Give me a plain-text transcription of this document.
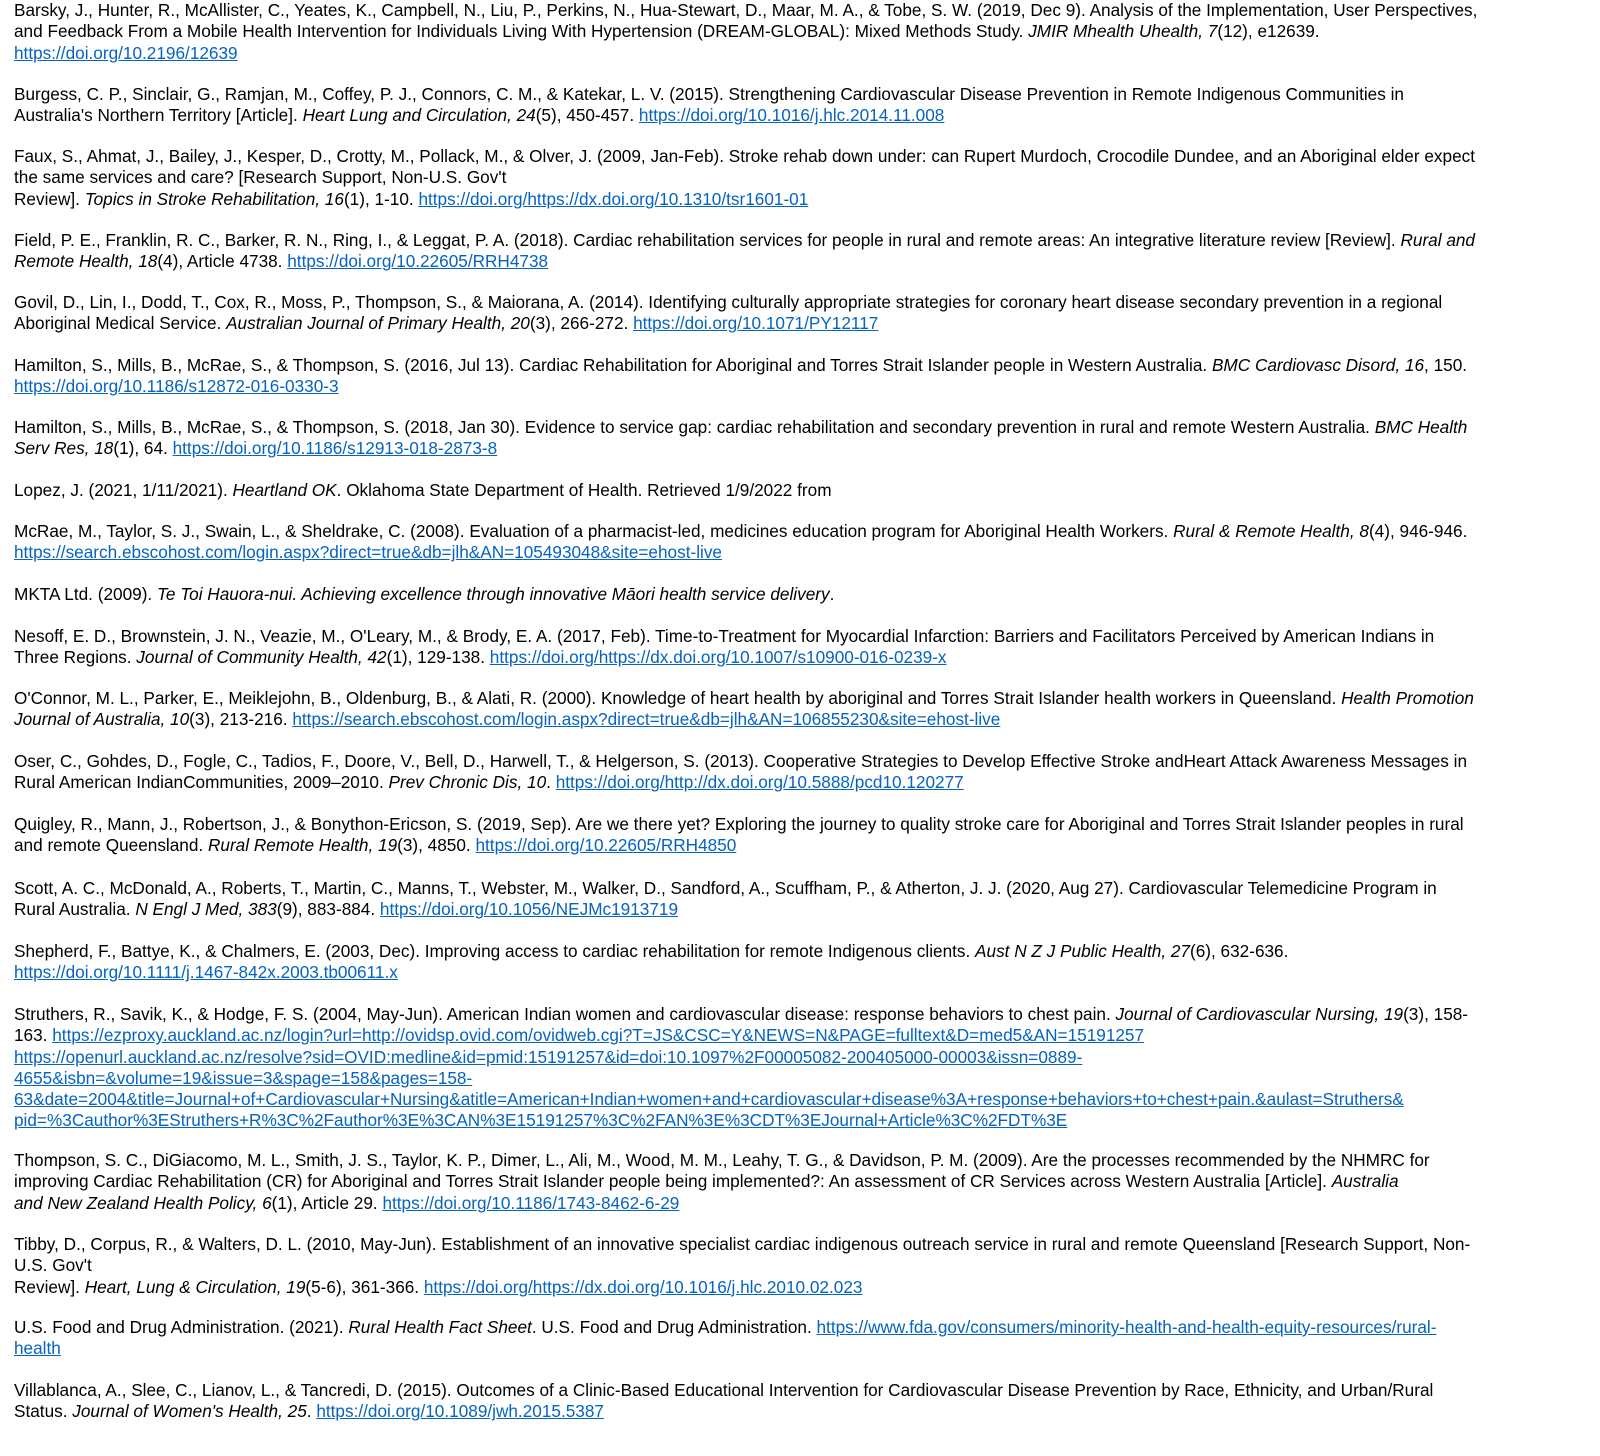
Barsky, J., Hunter, R., McAllister, C., Yeates, K., Campbell, N., Liu, P., Perkins, N., Hua-Stewart, D., Maar, M. A., & Tobe, S. W. (2019, Dec 9). Analysis of the Implementation, User Perspectives,
and Feedback From a Mobile Health Intervention for Individuals Living With Hypertension (DREAM-GLOBAL): Mixed Methods Study. JMIR Mhealth Uhealth, 7(12), e12639.
https://doi.org/10.2196/12639
Burgess, C. P., Sinclair, G., Ramjan, M., Coffey, P. J., Connors, C. M., & Katekar, L. V. (2015). Strengthening Cardiovascular Disease Prevention in Remote Indigenous Communities in
Australia's Northern Territory [Article]. Heart Lung and Circulation, 24(5), 450-457. https://doi.org/10.1016/j.hlc.2014.11.008
Faux, S., Ahmat, J., Bailey, J., Kesper, D., Crotty, M., Pollack, M., & Olver, J. (2009, Jan-Feb). Stroke rehab down under: can Rupert Murdoch, Crocodile Dundee, and an Aboriginal elder expect
the same services and care? [Research Support, Non-U.S. Gov't
Review]. Topics in Stroke Rehabilitation, 16(1), 1-10. https://doi.org/https://dx.doi.org/10.1310/tsr1601-01
Field, P. E., Franklin, R. C., Barker, R. N., Ring, I., & Leggat, P. A. (2018). Cardiac rehabilitation services for people in rural and remote areas: An integrative literature review [Review]. Rural and
Remote Health, 18(4), Article 4738. https://doi.org/10.22605/RRH4738
Govil, D., Lin, I., Dodd, T., Cox, R., Moss, P., Thompson, S., & Maiorana, A. (2014). Identifying culturally appropriate strategies for coronary heart disease secondary prevention in a regional
Aboriginal Medical Service. Australian Journal of Primary Health, 20(3), 266-272. https://doi.org/10.1071/PY12117
Hamilton, S., Mills, B., McRae, S., & Thompson, S. (2016, Jul 13). Cardiac Rehabilitation for Aboriginal and Torres Strait Islander people in Western Australia. BMC Cardiovasc Disord, 16, 150.
https://doi.org/10.1186/s12872-016-0330-3
Hamilton, S., Mills, B., McRae, S., & Thompson, S. (2018, Jan 30). Evidence to service gap: cardiac rehabilitation and secondary prevention in rural and remote Western Australia. BMC Health
Serv Res, 18(1), 64. https://doi.org/10.1186/s12913-018-2873-8
Lopez, J. (2021, 1/11/2021). Heartland OK. Oklahoma State Department of Health. Retrieved 1/9/2022 from
McRae, M., Taylor, S. J., Swain, L., & Sheldrake, C. (2008). Evaluation of a pharmacist-led, medicines education program for Aboriginal Health Workers. Rural & Remote Health, 8(4), 946-946.
https://search.ebscohost.com/login.aspx?direct=true&db=jlh&AN=105493048&site=ehost-live
MKTA Ltd. (2009). Te Toi Hauora-nui. Achieving excellence through innovative Māori health service delivery.
Nesoff, E. D., Brownstein, J. N., Veazie, M., O'Leary, M., & Brody, E. A. (2017, Feb). Time-to-Treatment for Myocardial Infarction: Barriers and Facilitators Perceived by American Indians in
Three Regions. Journal of Community Health, 42(1), 129-138. https://doi.org/https://dx.doi.org/10.1007/s10900-016-0239-x
O'Connor, M. L., Parker, E., Meiklejohn, B., Oldenburg, B., & Alati, R. (2000). Knowledge of heart health by aboriginal and Torres Strait Islander health workers in Queensland. Health Promotion
Journal of Australia, 10(3), 213-216. https://search.ebscohost.com/login.aspx?direct=true&db=jlh&AN=106855230&site=ehost-live
Oser, C., Gohdes, D., Fogle, C., Tadios, F., Doore, V., Bell, D., Harwell, T., & Helgerson, S. (2013). Cooperative Strategies to Develop Effective Stroke andHeart Attack Awareness Messages in
Rural American IndianCommunities, 2009–2010. Prev Chronic Dis, 10. https://doi.org/http://dx.doi.org/10.5888/pcd10.120277
Quigley, R., Mann, J., Robertson, J., & Bonython-Ericson, S. (2019, Sep). Are we there yet? Exploring the journey to quality stroke care for Aboriginal and Torres Strait Islander peoples in rural
and remote Queensland. Rural Remote Health, 19(3), 4850. https://doi.org/10.22605/RRH4850
Scott, A. C., McDonald, A., Roberts, T., Martin, C., Manns, T., Webster, M., Walker, D., Sandford, A., Scuffham, P., & Atherton, J. J. (2020, Aug 27). Cardiovascular Telemedicine Program in
Rural Australia. N Engl J Med, 383(9), 883-884. https://doi.org/10.1056/NEJMc1913719
Shepherd, F., Battye, K., & Chalmers, E. (2003, Dec). Improving access to cardiac rehabilitation for remote Indigenous clients. Aust N Z J Public Health, 27(6), 632-636.
https://doi.org/10.1111/j.1467-842x.2003.tb00611.x
Struthers, R., Savik, K., & Hodge, F. S. (2004, May-Jun). American Indian women and cardiovascular disease: response behaviors to chest pain. Journal of Cardiovascular Nursing, 19(3), 158-
163. https://ezproxy.auckland.ac.nz/login?url=http://ovidsp.ovid.com/ovidweb.cgi?T=JS&CSC=Y&NEWS=N&PAGE=fulltext&D=med5&AN=15191257
https://openurl.auckland.ac.nz/resolve?sid=OVID:medline&id=pmid:15191257&id=doi:10.1097%2F00005082-200405000-00003&issn=0889-
4655&isbn=&volume=19&issue=3&spage=158&pages=158-
63&date=2004&title=Journal+of+Cardiovascular+Nursing&atitle=American+Indian+women+and+cardiovascular+disease%3A+response+behaviors+to+chest+pain.&aulast=Struthers&
pid=%3Cauthor%3EStruthers+R%3C%2Fauthor%3E%3CAN%3E15191257%3C%2FAN%3E%3CDT%3EJournal+Article%3C%2FDT%3E
Thompson, S. C., DiGiacomo, M. L., Smith, J. S., Taylor, K. P., Dimer, L., Ali, M., Wood, M. M., Leahy, T. G., & Davidson, P. M. (2009). Are the processes recommended by the NHMRC for
improving Cardiac Rehabilitation (CR) for Aboriginal and Torres Strait Islander people being implemented?: An assessment of CR Services across Western Australia [Article]. Australia
and New Zealand Health Policy, 6(1), Article 29. https://doi.org/10.1186/1743-8462-6-29
Tibby, D., Corpus, R., & Walters, D. L. (2010, May-Jun). Establishment of an innovative specialist cardiac indigenous outreach service in rural and remote Queensland [Research Support, Non-
U.S. Gov't
Review]. Heart, Lung & Circulation, 19(5-6), 361-366. https://doi.org/https://dx.doi.org/10.1016/j.hlc.2010.02.023
U.S. Food and Drug Administration. (2021). Rural Health Fact Sheet. U.S. Food and Drug Administration. https://www.fda.gov/consumers/minority-health-and-health-equity-resources/rural-
health
Villablanca, A., Slee, C., Lianov, L., & Tancredi, D. (2015). Outcomes of a Clinic-Based Educational Intervention for Cardiovascular Disease Prevention by Race, Ethnicity, and Urban/Rural
Status. Journal of Women's Health, 25. https://doi.org/10.1089/jwh.2015.5387
